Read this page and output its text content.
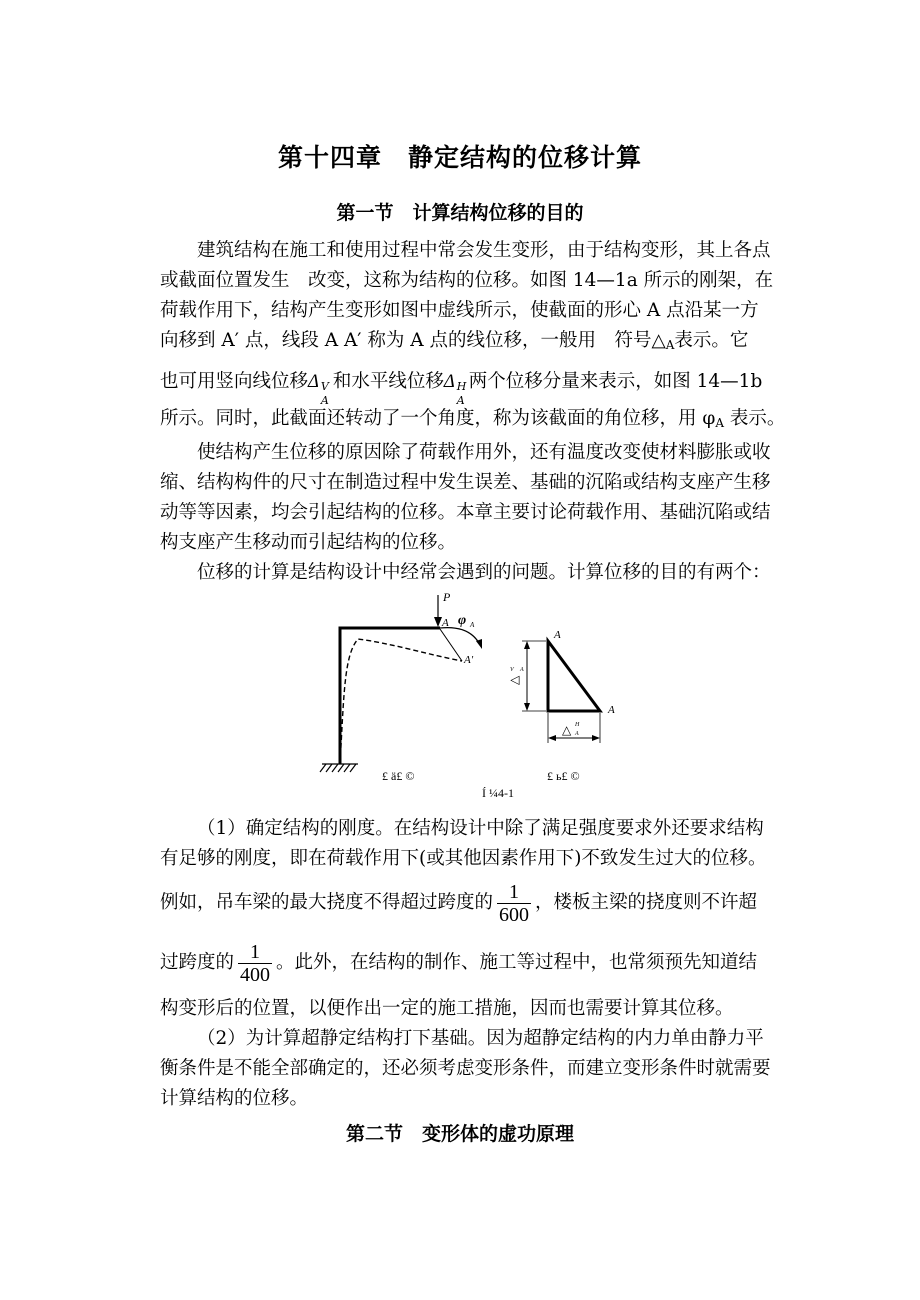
第十四章　静定结构的位移计算
第一节　计算结构位移的目的

建筑结构在施工和使用过程中常会发生变形，由于结构变形，其上各点
或截面位置发生　改变，这称为结构的位移。如图 14—1a 所示的刚架，在
荷载作用下，结构产生变形如图中虚线所示，使截面的形心 A 点沿某一方
向移到 A′ 点，线段 A A′ 称为 A 点的线位移，一般用　符号$\triangle_A$表示。它
也可用竖向线位移Δ V
A
和水平线位移Δ H
A
两个位移分量来表示，如图 14—1b
所示。同时，此截面还转动了一个角度，称为该截面的角位移，用 $\varphi_A$ 表示。

使结构产生位移的原因除了荷载作用外，还有温度改变使材料膨胀或收
缩、结构构件的尺寸在制造过程中发生误差、基础的沉陷或结构支座产生移
动等等因素，均会引起结构的位移。本章主要讨论荷载作用、基础沉陷或结
构支座产生移动而引起结构的位移。

位移的计算是结构设计中经常会遇到的问题。计算位移的目的有两个：

P
A
A′
φ A
A
A
△
V A
△ H
A
£ ä£ ©	£ ь£ ©
Í ¼4-1

（1）确定结构的刚度。在结构设计中除了满足强度要求外还要求结构
有足够的刚度，即在荷载作用下(或其他因素作用下)不致发生过大的位移。
例如，吊车梁的最大挠度不得超过跨度的 $\frac{1}{600}$ ，楼板主梁的挠度则不许超
过跨度的 $\frac{1}{400}$ 。此外，在结构的制作、施工等过程中，也常须预先知道结
构变形后的位置，以便作出一定的施工措施，因而也需要计算其位移。

（2）为计算超静定结构打下基础。因为超静定结构的内力单由静力平
衡条件是不能全部确定的，还必须考虑变形条件，而建立变形条件时就需要
计算结构的位移。

第二节　变形体的虚功原理
